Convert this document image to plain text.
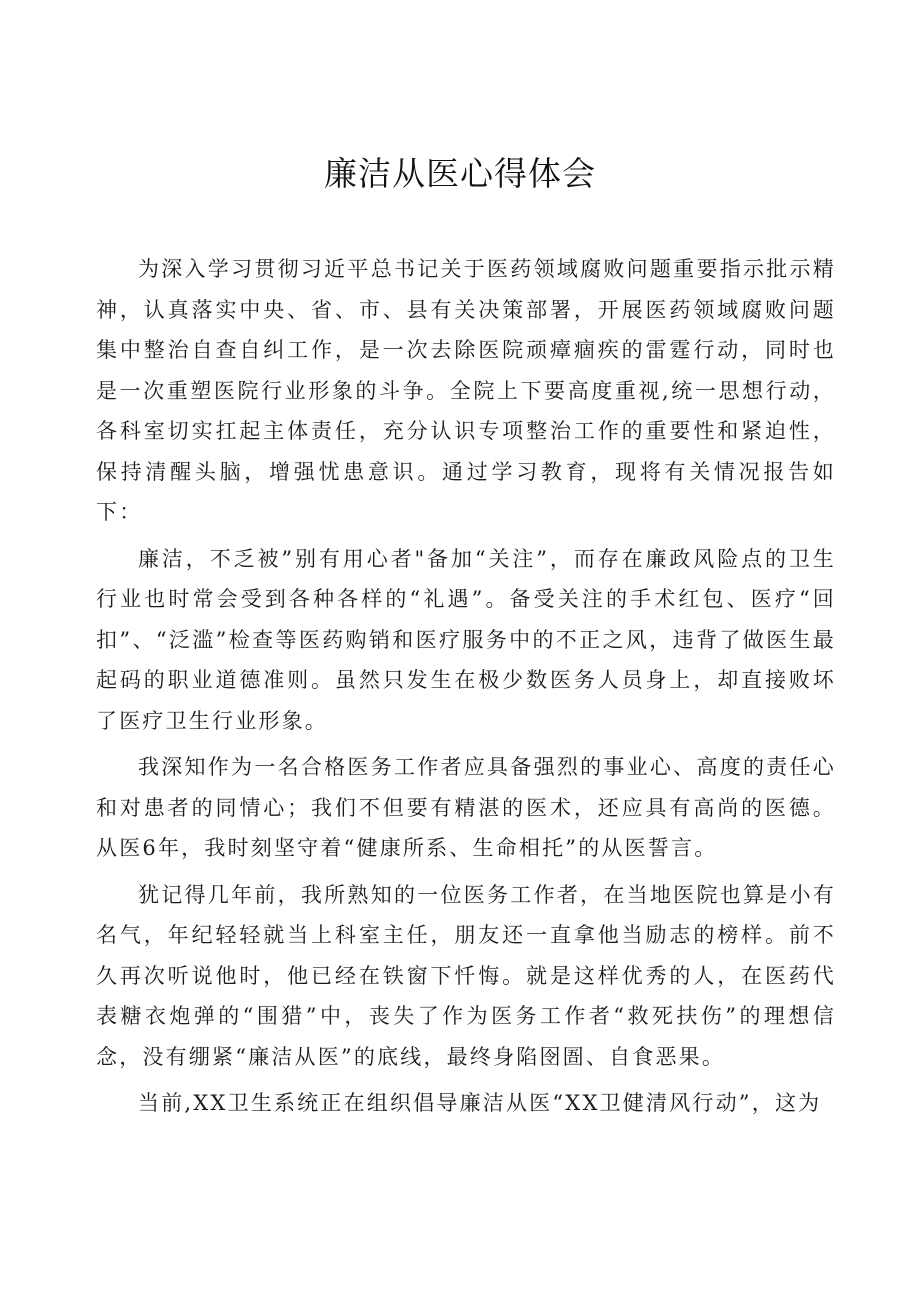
廉洁从医心得体会

为深入学习贯彻习近平总书记关于医药领域腐败问题重要指示批示精神，认真落实中央、省、市、县有关决策部署，开展医药领域腐败问题集中整治自查自纠工作，是一次去除医院顽瘴痼疾的雷霆行动，同时也是一次重塑医院行业形象的斗争。全院上下要高度重视,统一思想行动，各科室切实扛起主体责任，充分认识专项整治工作的重要性和紧迫性，保持清醒头脑，增强忧患意识。通过学习教育，现将有关情况报告如下：

廉洁，不乏被”别有用心者"备加“关注”，而存在廉政风险点的卫生行业也时常会受到各种各样的“礼遇”。备受关注的手术红包、医疗“回扣”、“泛滥”检查等医药购销和医疗服务中的不正之风，违背了做医生最起码的职业道德准则。虽然只发生在极少数医务人员身上，却直接败坏了医疗卫生行业形象。

我深知作为一名合格医务工作者应具备强烈的事业心、高度的责任心和对患者的同情心；我们不但要有精湛的医术，还应具有高尚的医德。从医6年，我时刻坚守着“健康所系、生命相托”的从医誓言。

犹记得几年前，我所熟知的一位医务工作者，在当地医院也算是小有名气，年纪轻轻就当上科室主任，朋友还一直拿他当励志的榜样。前不久再次听说他时，他已经在铁窗下忏悔。就是这样优秀的人，在医药代表糖衣炮弹的“围猎”中，丧失了作为医务工作者“救死扶伤”的理想信念，没有绷紧“廉洁从医”的底线，最终身陷囹圄、自食恶果。

当前,XX卫生系统正在组织倡导廉洁从医“XX卫健清风行动”，这为
